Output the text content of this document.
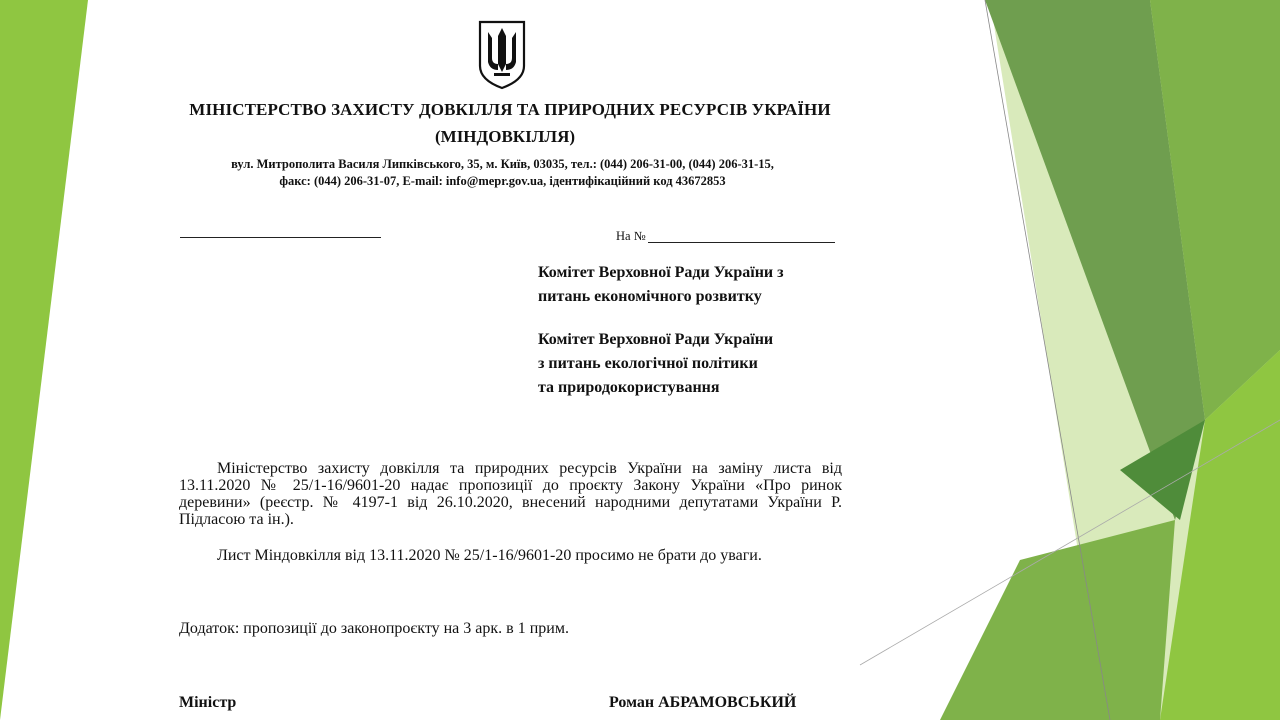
МІНІСТЕРСТВО ЗАХИСТУ ДОВКІЛЛЯ ТА ПРИРОДНИХ РЕСУРСІВ УКРАЇНИ
(МІНДОВКІЛЛЯ)
вул. Митрополита Василя Липківського, 35, м. Київ, 03035, тел.: (044) 206-31-00, (044) 206-31-15,
факс: (044) 206-31-07, E-mail: info@mepr.gov.ua, ідентифікаційний код 43672853
На №
Комітет Верховної Ради України з
питань економічного розвитку
Комітет Верховної Ради України
з питань екологічної політики
та природокористування
Міністерство захисту довкілля та природних ресурсів України на заміну листа від 13.11.2020 № 25/1-16/9601-20 надає пропозиції до проєкту Закону України «Про ринок деревини» (реєстр. № 4197-1 від 26.10.2020, внесений народними депутатами України Р. Підласою та ін.).
Лист Міндовкілля від 13.11.2020 № 25/1-16/9601-20 просимо не брати до уваги.
Додаток: пропозиції до законопроєкту на 3 арк. в 1 прим.
Міністр	Роман АБРАМОВСЬКИЙ
